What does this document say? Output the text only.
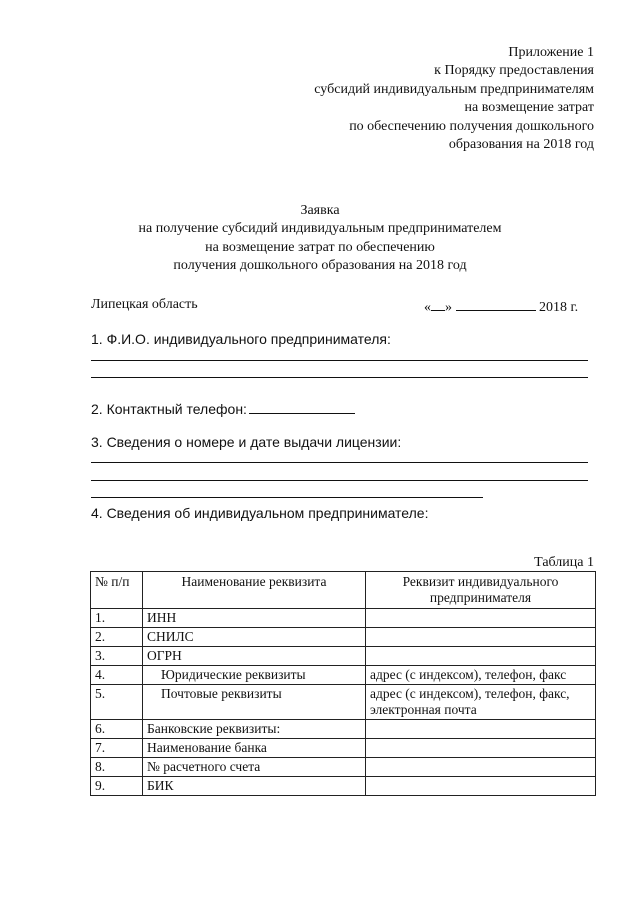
Приложение 1
к Порядку предоставления
субсидий индивидуальным предпринимателям
на возмещение затрат
по обеспечению получения дошкольного
образования на 2018 год
Заявка
на получение субсидий индивидуальным предпринимателем
на возмещение затрат по обеспечению
получения дошкольного образования на 2018 год
Липецкая область	« »	2018 г.
1. Ф.И.О. индивидуального предпринимателя:
2. Контактный телефон:
3. Сведения о номере и дате выдачи лицензии:
4. Сведения об индивидуальном предпринимателе:
Таблица 1
№ п/п	Наименование реквизита	Реквизит индивидуального предпринимателя
1.	ИНН	
2.	СНИЛС	
3.	ОГРН	
4.	Юридические реквизиты	адрес (с индексом), телефон, факс
5.	Почтовые реквизиты	адрес (с индексом), телефон, факс, электронная почта
6.	Банковские реквизиты:	
7.	Наименование банка	
8.	№ расчетного счета	
9.	БИК	
